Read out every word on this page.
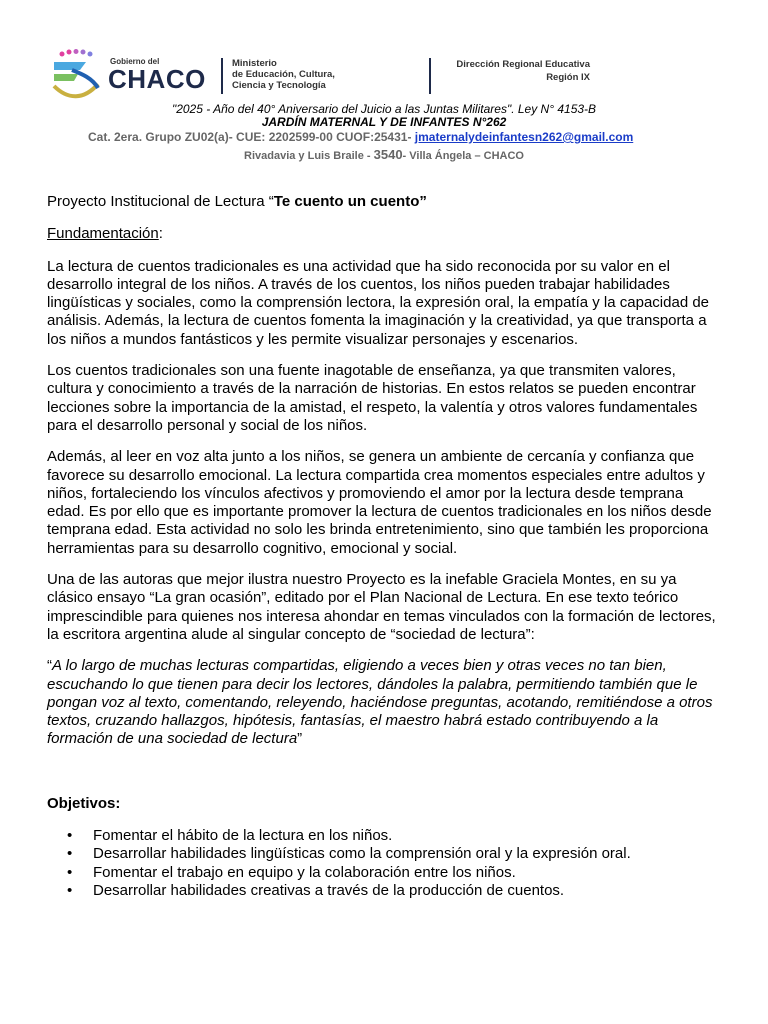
Gobierno del
CHACO
Ministerio
de Educación, Cultura,
Ciencia y Tecnología
Dirección Regional Educativa
Región IX
"2025 - Año del 40° Aniversario del Juicio a las Juntas Militares". Ley N° 4153-B
JARDÍN MATERNAL Y DE INFANTES N°262
Cat. 2era. Grupo ZU02(a)- CUE: 2202599-00 CUOF:25431- jmaternalydeinfantesn262@gmail.com
Rivadavia y Luis Braile - 3540- Villa Ángela – CHACO

Proyecto Institucional de Lectura “Te cuento un cuento”

Fundamentación:

La lectura de cuentos tradicionales es una actividad que ha sido reconocida por su valor en el desarrollo integral de los niños. A través de los cuentos, los niños pueden trabajar habilidades lingüísticas y sociales, como la comprensión lectora, la expresión oral, la empatía y la capacidad de análisis. Además, la lectura de cuentos fomenta la imaginación y la creatividad, ya que transporta a los niños a mundos fantásticos y les permite visualizar personajes y escenarios.

Los cuentos tradicionales son una fuente inagotable de enseñanza, ya que transmiten valores, cultura y conocimiento a través de la narración de historias. En estos relatos se pueden encontrar lecciones sobre la importancia de la amistad, el respeto, la valentía y otros valores fundamentales para el desarrollo personal y social de los niños.

Además, al leer en voz alta junto a los niños, se genera un ambiente de cercanía y confianza que favorece su desarrollo emocional. La lectura compartida crea momentos especiales entre adultos y niños, fortaleciendo los vínculos afectivos y promoviendo el amor por la lectura desde temprana edad. Es por ello que es importante promover la lectura de cuentos tradicionales en los niños desde temprana edad. Esta actividad no solo les brinda entretenimiento, sino que también les proporciona herramientas para su desarrollo cognitivo, emocional y social.

Una de las autoras que mejor ilustra nuestro Proyecto es la inefable Graciela Montes, en su ya clásico ensayo “La gran ocasión”, editado por el Plan Nacional de Lectura. En ese texto teórico imprescindible para quienes nos interesa ahondar en temas vinculados con la formación de lectores, la escritora argentina alude al singular concepto de “sociedad de lectura”:

“A lo largo de muchas lecturas compartidas, eligiendo a veces bien y otras veces no tan bien, escuchando lo que tienen para decir los lectores, dándoles la palabra, permitiendo también que le pongan voz al texto, comentando, releyendo, haciéndose preguntas, acotando, remitiéndose a otros textos, cruzando hallazgos, hipótesis, fantasías, el maestro habrá estado contribuyendo a la formación de una sociedad de lectura”

Objetivos:

• Fomentar el hábito de la lectura en los niños.
• Desarrollar habilidades lingüísticas como la comprensión oral y la expresión oral.
• Fomentar el trabajo en equipo y la colaboración entre los niños.
• Desarrollar habilidades creativas a través de la producción de cuentos.
